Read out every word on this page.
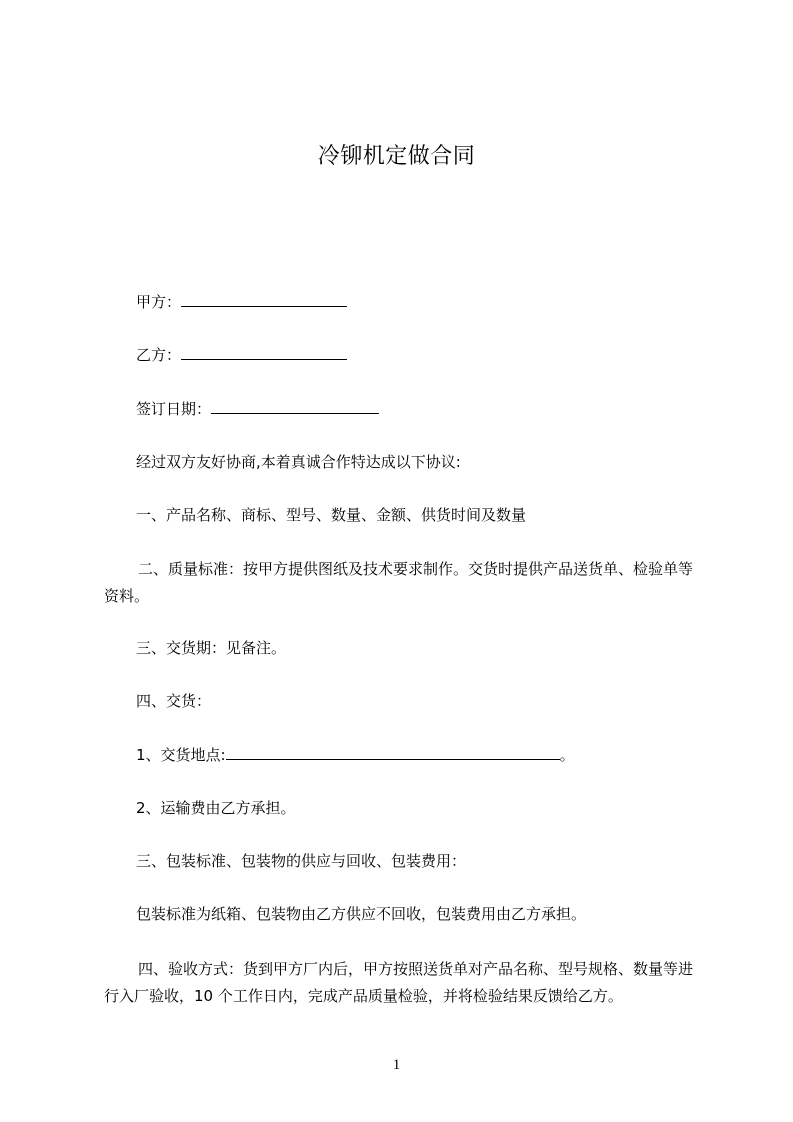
冷铆机定做合同
甲方：
乙方：
签订日期：
经过双方友好协商,本着真诚合作特达成以下协议:
一、产品名称、商标、型号、数量、金额、供货时间及数量
二、质量标准：按甲方提供图纸及技术要求制作。交货时提供产品送货单、检验单等资料。
三、交货期：见备注。
四、交货：
1、交货地点:	。
2、运输费由乙方承担。
三、包装标准、包装物的供应与回收、包装费用：
包装标准为纸箱、包装物由乙方供应不回收，包装费用由乙方承担。
四、验收方式：货到甲方厂内后，甲方按照送货单对产品名称、型号规格、数量等进行入厂验收，10 个工作日内，完成产品质量检验，并将检验结果反馈给乙方。
1
